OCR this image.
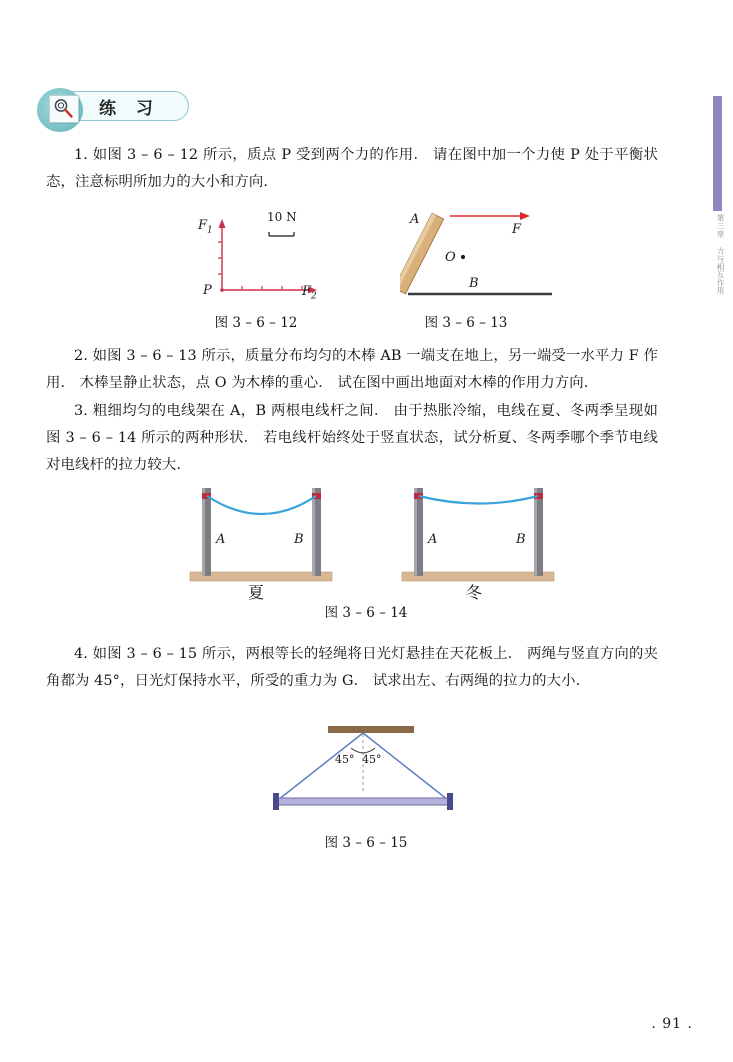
第三章 力与相互作用
练 习
1. 如图 3 – 6 – 12 所示，质点 P 受到两个力的作用． 请在图中加一个力使 P 处于平衡状态，注意标明所加力的大小和方向.
2. 如图 3 – 6 – 13 所示，质量分布均匀的木棒 AB 一端支在地上，另一端受一水平力 F 作用． 木棒呈静止状态，点 O 为木棒的重心． 试在图中画出地面对木棒的作用力方向.
3. 粗细均匀的电线架在 A，B 两根电线杆之间． 由于热胀冷缩，电线在夏、冬两季呈现如图 3 – 6 – 14 所示的两种形状． 若电线杆始终处于竖直状态，试分析夏、冬两季哪个季节电线对电线杆的拉力较大.
4. 如图 3 – 6 – 15 所示，两根等长的轻绳将日光灯悬挂在天花板上． 两绳与竖直方向的夹角都为 45°，日光灯保持水平，所受的重力为 G． 试求出左、右两绳的拉力的大小.
$F_1$
P	$F_2$
10 N
图 3 – 6 – 12
A
B
O
F
图 3 – 6 – 13
A	B
夏
A	B
冬
图 3 – 6 – 14
45° 45°
图 3 – 6 – 15
. 91 .
